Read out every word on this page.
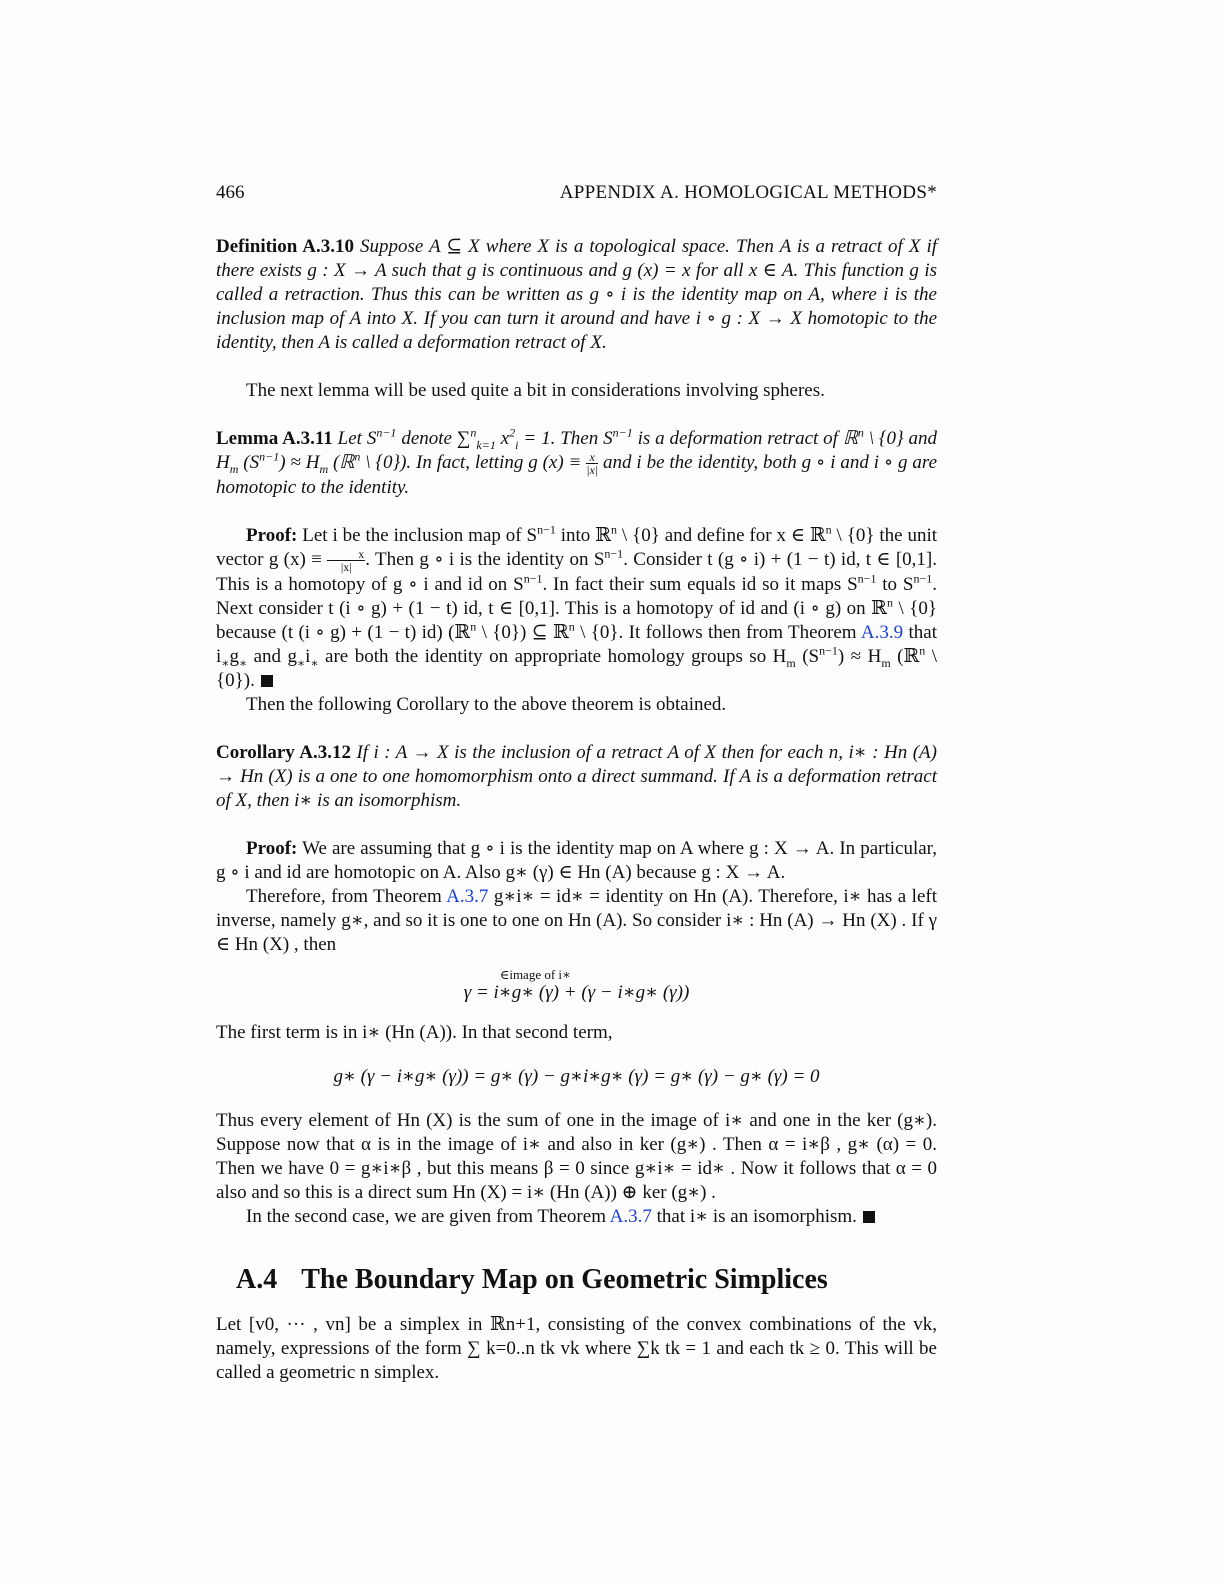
466	APPENDIX A. HOMOLOGICAL METHODS*
Definition A.3.10 Suppose A ⊆ X where X is a topological space. Then A is a retract of X if there exists g : X → A such that g is continuous and g (x) = x for all x ∈ A. This function g is called a retraction. Thus this can be written as g ∘ i is the identity map on A, where i is the inclusion map of A into X. If you can turn it around and have i ∘ g : X → X homotopic to the identity, then A is called a deformation retract of X.
The next lemma will be used quite a bit in considerations involving spheres.
Lemma A.3.11 Let $S^{n-1}$ denote ∑$^n_{k=1}$ $x^2_i = 1$. Then $S^{n-1}$ is a deformation retract of ℝ$^n$ \ {0} and $H_m$ $(S^{n-1}) \approx H_m$ (ℝ$^n$ \ {0}). In fact, letting g $(x) \equiv \frac{x}{|x|}$ and i be the identity, both g ∘ i and i ∘ g are homotopic to the identity.
Proof: Let i be the inclusion map of $S^{n-1}$ into ℝ$^n$ \ {0} and define for x ∈ ℝ$^n$ \ {0} the unit vector g $(x) \equiv \frac{x}{|x|}$. Then g ∘ i is the identity on $S^{n-1}$. Consider t (g ∘ i) + (1 − t) id, t ∈ [0,1]. This is a homotopy of g ∘ i and id on $S^{n-1}$. In fact their sum equals id so it maps $S^{n-1}$ to $S^{n-1}$. Next consider t (i ∘ g) + (1 − t) id, t ∈ [0,1]. This is a homotopy of id and (i ∘ g) on ℝ$^n$ \ {0} because (t (i ∘ g) + (1 − t) id) (ℝ$^n$ \ {0}) ⊆ ℝ$^n$ \ {0}. It follows then from Theorem A.3.9 that $i_∗g_∗$ and $g_∗i_∗$ are both the identity on appropriate homology groups so $H_m$ $(S^{n-1}) \approx H_m$ (ℝ$^n$ \ {0}).
Then the following Corollary to the above theorem is obtained.
Corollary A.3.12 If i : A → X is the inclusion of a retract A of X then for each n, i∗ : Hn (A) → Hn (X) is a one to one homomorphism onto a direct summand. If A is a deformation retract of X, then i∗ is an isomorphism.
Proof: We are assuming that g ∘ i is the identity map on A where g : X → A. In particular, g ∘ i and id are homotopic on A. Also g∗ (γ) ∈ Hn (A) because g : X → A.
Therefore, from Theorem A.3.7 g∗i∗ = id∗ = identity on Hn (A). Therefore, i∗ has a left inverse, namely g∗, and so it is one to one on Hn (A). So consider i∗ : Hn (A) → Hn (X) . If γ ∈ Hn (X) , then
∈image of i∗
γ = i∗g∗ (γ) + (γ − i∗g∗ (γ))
The first term is in i∗ (Hn (A)). In that second term,
g∗ (γ − i∗g∗ (γ)) = g∗ (γ) − g∗i∗g∗ (γ) = g∗ (γ) − g∗ (γ) = 0
Thus every element of Hn (X) is the sum of one in the image of i∗ and one in the ker (g∗). Suppose now that α is in the image of i∗ and also in ker (g∗) . Then α = i∗β , g∗ (α) = 0. Then we have 0 = g∗i∗β , but this means β = 0 since g∗i∗ = id∗ . Now it follows that α = 0 also and so this is a direct sum Hn (X) = i∗ (Hn (A)) ⊕ ker (g∗) .
In the second case, we are given from Theorem A.3.7 that i∗ is an isomorphism.
A.4 The Boundary Map on Geometric Simplices
Let [v0, ··· , vn] be a simplex in ℝn+1, consisting of the convex combinations of the vk, namely, expressions of the form ∑ k=0..n tk vk where ∑k tk = 1 and each tk ≥ 0. This will be called a geometric n simplex.
